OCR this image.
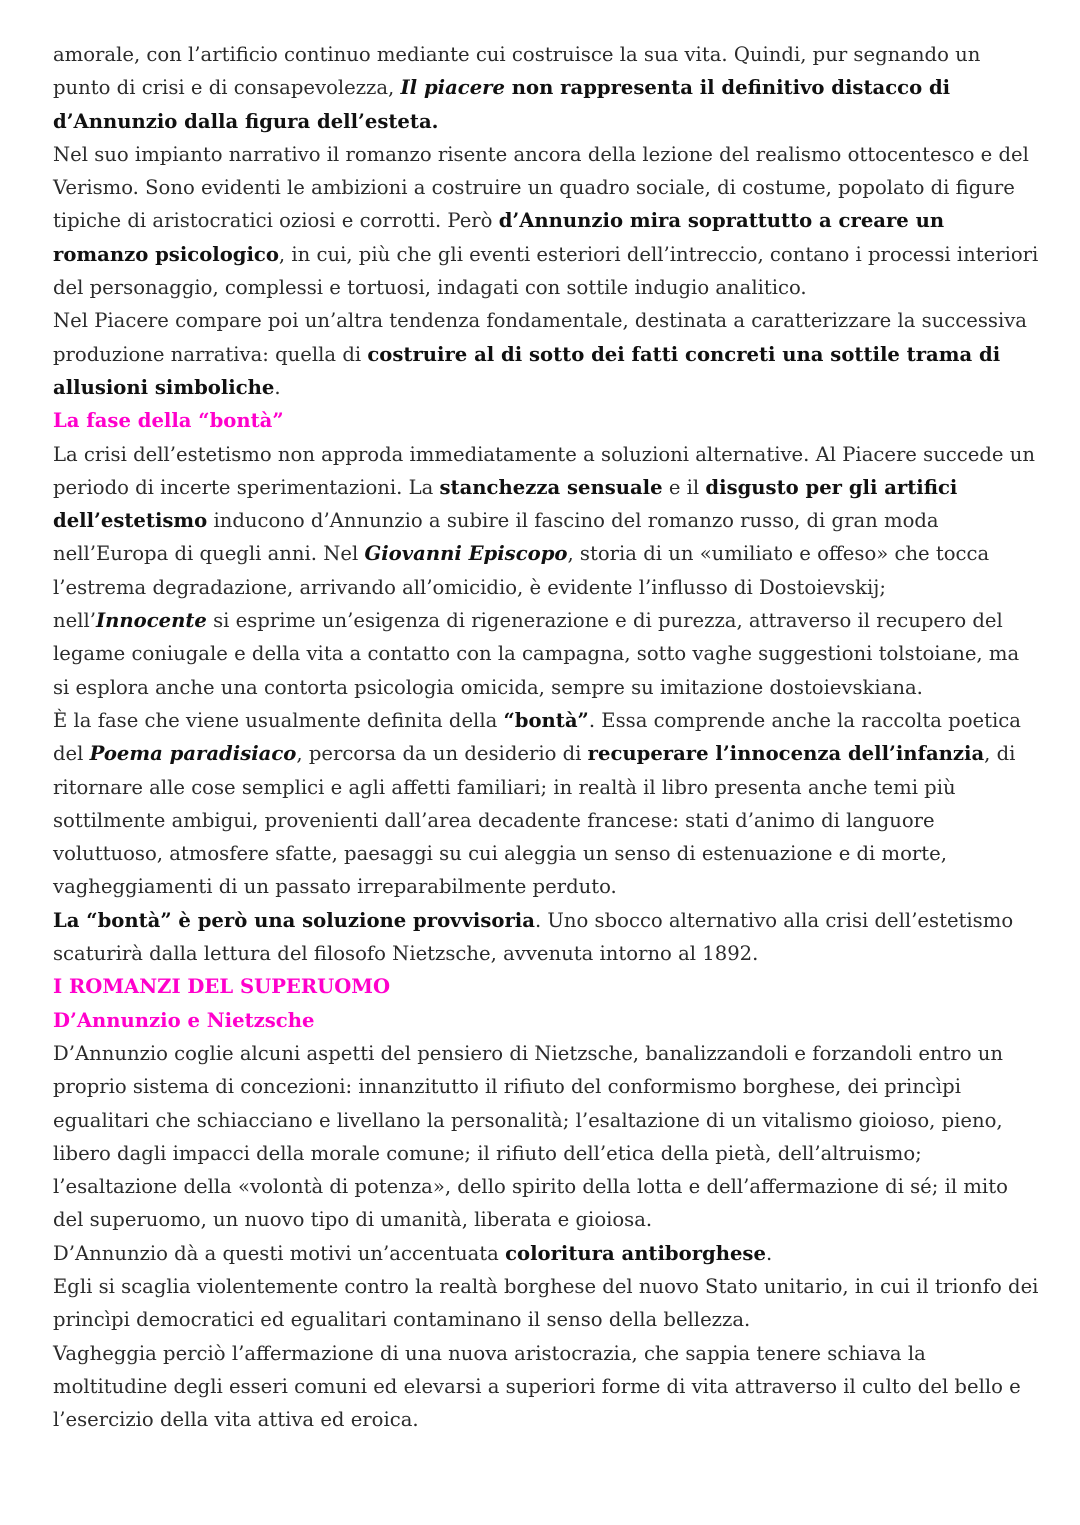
amorale, con l’artificio continuo mediante cui costruisce la sua vita. Quindi, pur segnando un punto di crisi e di consapevolezza, Il piacere non rappresenta il definitivo distacco di d’Annunzio dalla figura dell’esteta.

Nel suo impianto narrativo il romanzo risente ancora della lezione del realismo ottocentesco e del Verismo. Sono evidenti le ambizioni a costruire un quadro sociale, di costume, popolato di figure tipiche di aristocratici oziosi e corrotti. Però d’Annunzio mira soprattutto a creare un romanzo psicologico, in cui, più che gli eventi esteriori dell’intreccio, contano i processi interiori del personaggio, complessi e tortuosi, indagati con sottile indugio analitico.

Nel Piacere compare poi un’altra tendenza fondamentale, destinata a caratterizzare la successiva produzione narrativa: quella di costruire al di sotto dei fatti concreti una sottile trama di allusioni simboliche.

La fase della “bontà”

La crisi dell’estetismo non approda immediatamente a soluzioni alternative. Al Piacere succede un periodo di incerte sperimentazioni. La stanchezza sensuale e il disgusto per gli artifici dell’estetismo inducono d’Annunzio a subire il fascino del romanzo russo, di gran moda nell’Europa di quegli anni. Nel Giovanni Episcopo, storia di un «umiliato e offeso» che tocca l’estrema degradazione, arrivando all’omicidio, è evidente l’influsso di Dostoievskij; nell’Innocente si esprime un’esigenza di rigenerazione e di purezza, attraverso il recupero del legame coniugale e della vita a contatto con la campagna, sotto vaghe suggestioni tolstoiane, ma si esplora anche una contorta psicologia omicida, sempre su imitazione dostoievskiana.

È la fase che viene usualmente definita della “bontà”. Essa comprende anche la raccolta poetica del Poema paradisiaco, percorsa da un desiderio di recuperare l’innocenza dell’infanzia, di ritornare alle cose semplici e agli affetti familiari; in realtà il libro presenta anche temi più sottilmente ambigui, provenienti dall’area decadente francese: stati d’animo di languore voluttuoso, atmosfere sfatte, paesaggi su cui aleggia un senso di estenuazione e di morte, vagheggiamenti di un passato irreparabilmente perduto.

La “bontà” è però una soluzione provvisoria. Uno sbocco alternativo alla crisi dell’estetismo scaturirà dalla lettura del filosofo Nietzsche, avvenuta intorno al 1892.

I ROMANZI DEL SUPERUOMO

D’Annunzio e Nietzsche

D’Annunzio coglie alcuni aspetti del pensiero di Nietzsche, banalizzandoli e forzandoli entro un proprio sistema di concezioni: innanzitutto il rifiuto del conformismo borghese, dei princìpi egualitari che schiacciano e livellano la personalità; l’esaltazione di un vitalismo gioioso, pieno, libero dagli impacci della morale comune; il rifiuto dell’etica della pietà, dell’altruismo; l’esaltazione della «volontà di potenza», dello spirito della lotta e dell’affermazione di sé; il mito del superuomo, un nuovo tipo di umanità, liberata e gioiosa.

D’Annunzio dà a questi motivi un’accentuata coloritura antiborghese.

Egli si scaglia violentemente contro la realtà borghese del nuovo Stato unitario, in cui il trionfo dei princìpi democratici ed egualitari contaminano il senso della bellezza.

Vagheggia perciò l’affermazione di una nuova aristocrazia, che sappia tenere schiava la moltitudine degli esseri comuni ed elevarsi a superiori forme di vita attraverso il culto del bello e l’esercizio della vita attiva ed eroica.
